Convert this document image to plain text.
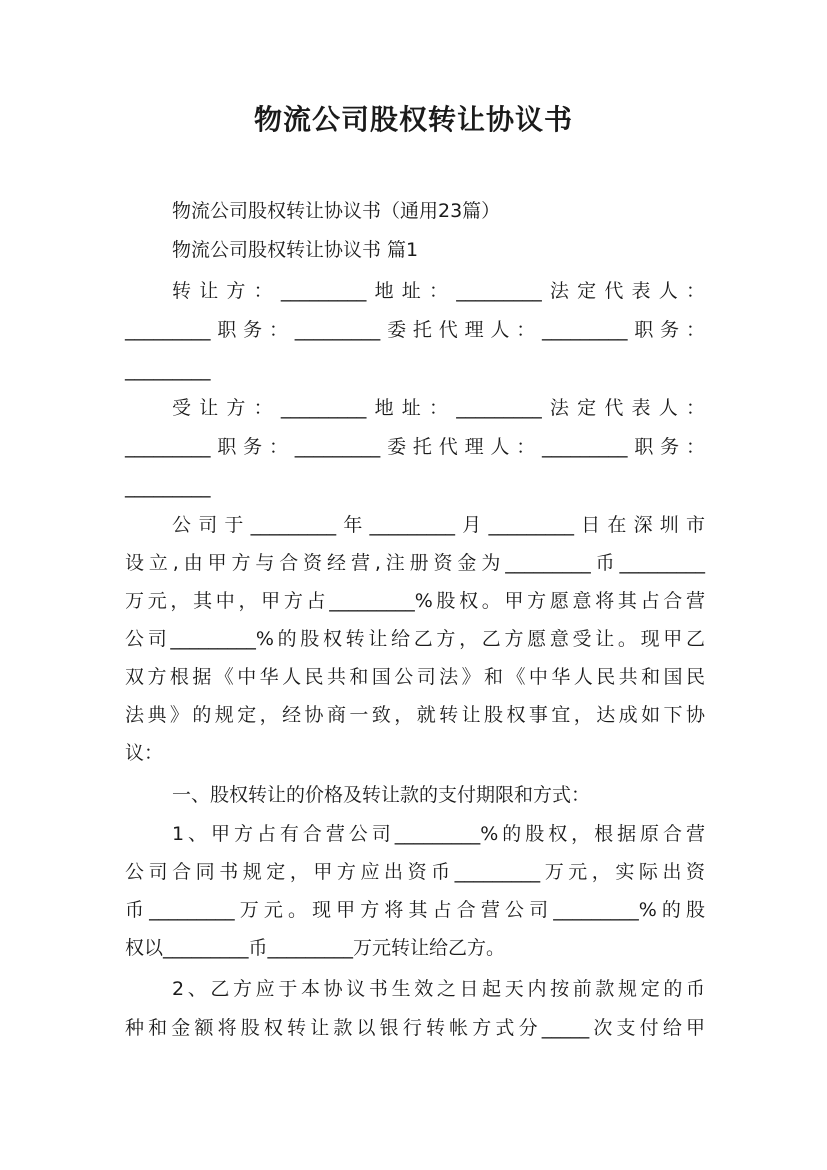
物流公司股权转让协议书
物流公司股权转让协议书（通用23篇）
物流公司股权转让协议书 篇1
转让方：_________地址：_________法定代表人：
_________职务：_________委托代理人：_________职务：
_________
受让方：_________地址：_________法定代表人：
_________职务：_________委托代理人：_________职务：
_________
公司于_________年_________月_________日在深圳市
设立,由甲方与合资经营,注册资金为_________币_________
万元，其中，甲方占_________%股权。甲方愿意将其占合营
公司_________%的股权转让给乙方，乙方愿意受让。现甲乙
双方根据《中华人民共和国公司法》和《中华人民共和国民
法典》的规定，经协商一致，就转让股权事宜，达成如下协
议：
一、股权转让的价格及转让款的支付期限和方式：
1、甲方占有合营公司_________%的股权，根据原合营
公司合同书规定，甲方应出资币_________万元，实际出资
币_________万元。现甲方将其占合营公司_________%的股
权以_________币_________万元转让给乙方。
2、乙方应于本协议书生效之日起天内按前款规定的币
种和金额将股权转让款以银行转帐方式分_____次支付给甲
